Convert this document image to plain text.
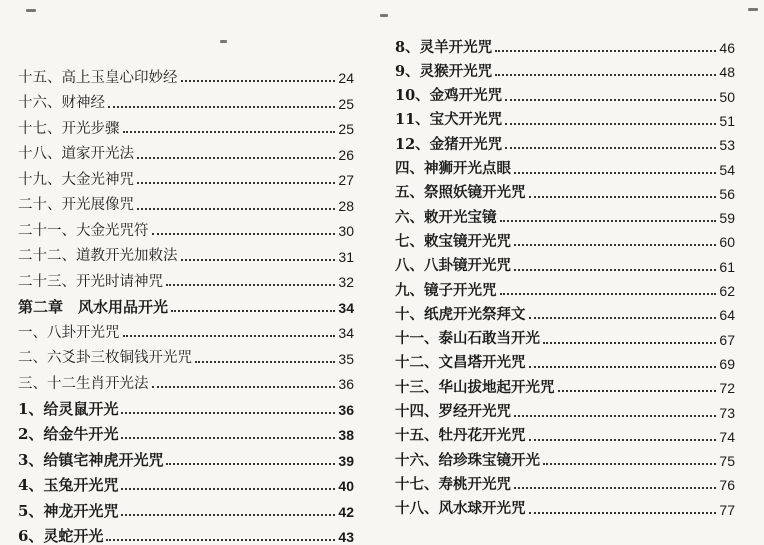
十五、高上玉皇心印妙经	24
十六、财神经	25
十七、开光步骤	25
十八、道家开光法	26
十九、大金光神咒	27
二十、开光展像咒	28
二十一、大金光咒符	30
二十二、道教开光加敕法	31
二十三、开光时请神咒	32
第二章　风水用品开光	34
一、八卦开光咒	34
二、六爻卦三枚铜钱开光咒	35
三、十二生肖开光法	36
1、给灵鼠开光	36
2、给金牛开光	38
3、给镇宅神虎开光咒	39
4、玉兔开光咒	40
5、神龙开光咒	42
6、灵蛇开光	43
8、灵羊开光咒	46
9、灵猴开光咒	48
10、金鸡开光咒	50
11、宝犬开光咒	51
12、金猪开光咒	53
四、神狮开光点眼	54
五、祭照妖镜开光咒	56
六、敕开光宝镜	59
七、敕宝镜开光咒	60
八、八卦镜开光咒	61
九、镜子开光咒	62
十、纸虎开光祭拜文	64
十一、泰山石敢当开光	67
十二、文昌塔开光咒	69
十三、华山拔地起开光咒	72
十四、罗经开光咒	73
十五、牡丹花开光咒	74
十六、给珍珠宝镜开光	75
十七、寿桃开光咒	76
十八、风水球开光咒	77
